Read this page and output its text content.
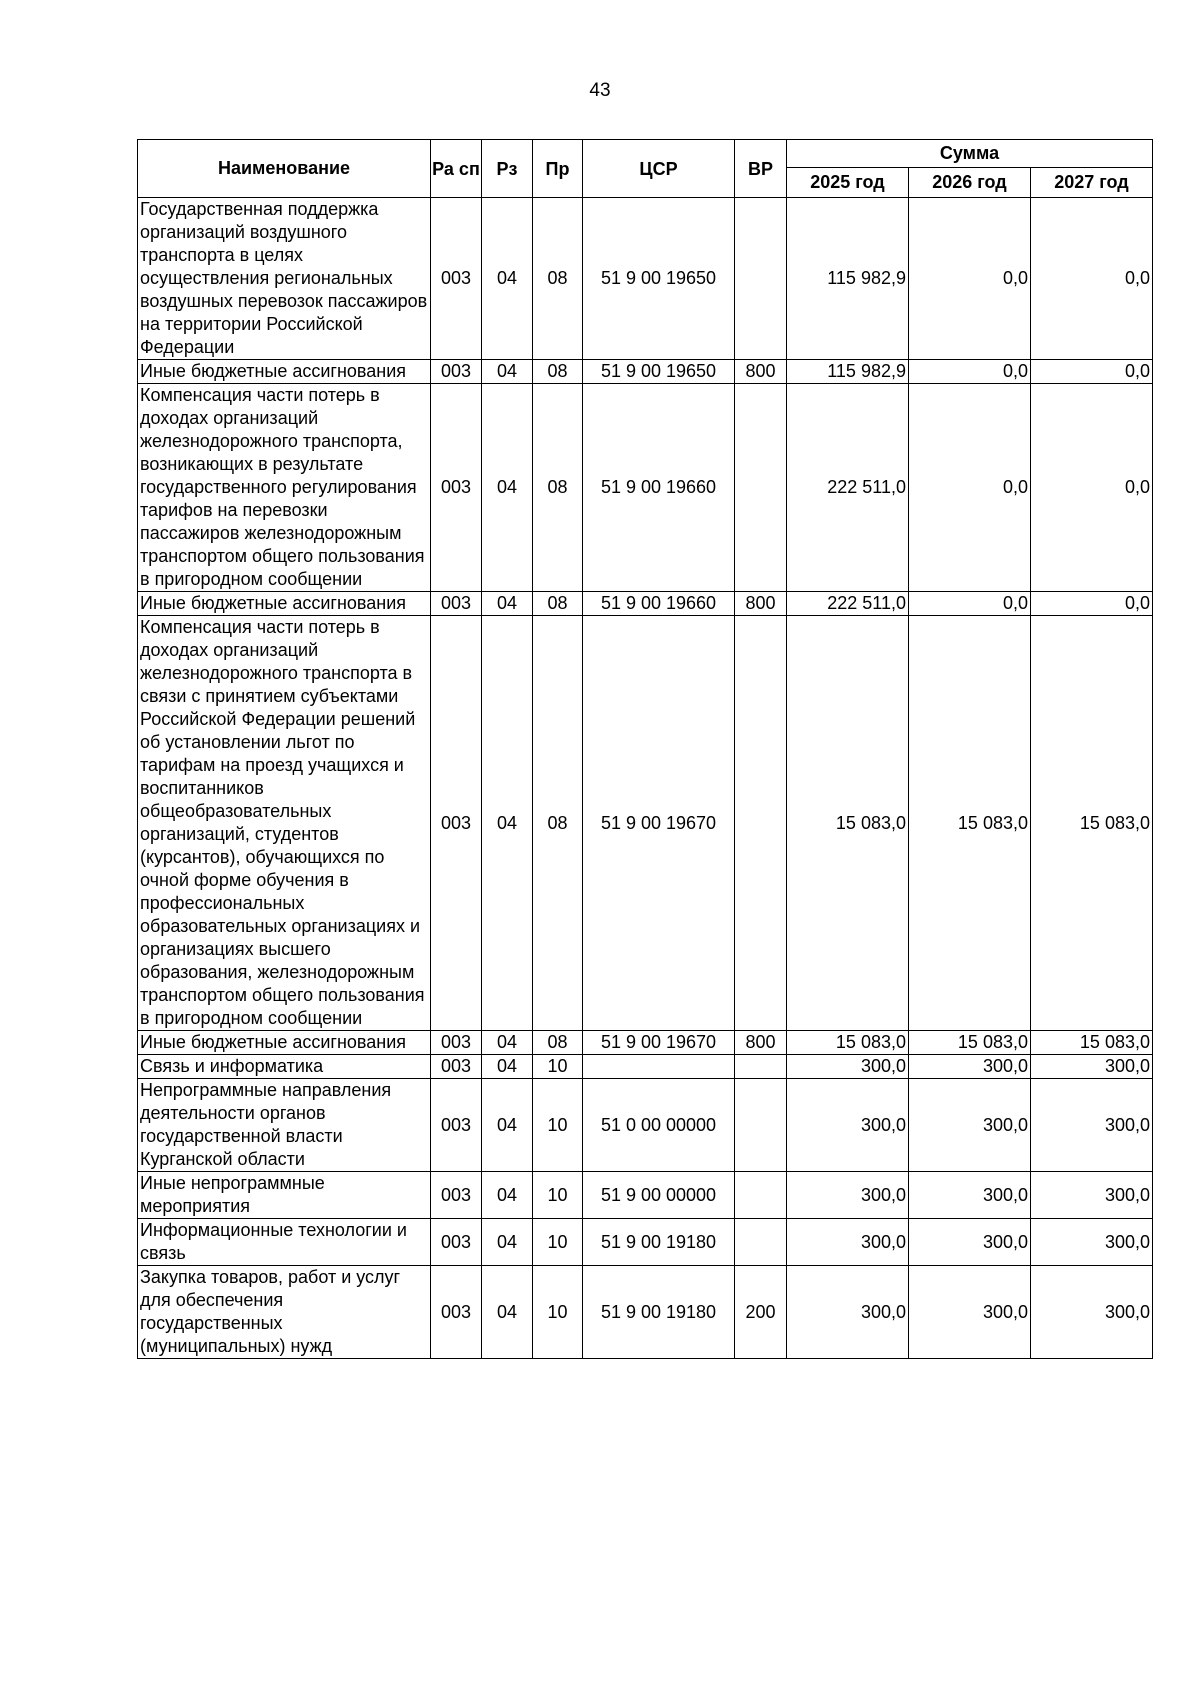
43
Наименование	Ра сп	Рз	Пр	ЦСР	ВР	Сумма		
						2025 год	2026 год	2027 год
Государственная поддержка организаций воздушного транспорта в целях осуществления региональных воздушных перевозок пассажиров на территории Российской Федерации	003	04	08	51 9 00 19650		115 982,9	0,0	0,0
Иные бюджетные ассигнования	003	04	08	51 9 00 19650	800	115 982,9	0,0	0,0
Компенсация части потерь в доходах организаций железнодорожного транспорта, возникающих в результате государственного регулирования тарифов на перевозки пассажиров железнодорожным транспортом общего пользования в пригородном сообщении	003	04	08	51 9 00 19660		222 511,0	0,0	0,0
Иные бюджетные ассигнования	003	04	08	51 9 00 19660	800	222 511,0	0,0	0,0
Компенсация части потерь в доходах организаций железнодорожного транспорта в связи с принятием субъектами Российской Федерации решений об установлении льгот по тарифам на проезд учащихся и воспитанников общеобразовательных организаций, студентов (курсантов), обучающихся по очной форме обучения в профессиональных образовательных организациях и организациях высшего образования, железнодорожным транспортом общего пользования в пригородном сообщении	003	04	08	51 9 00 19670		15 083,0	15 083,0	15 083,0
Иные бюджетные ассигнования	003	04	08	51 9 00 19670	800	15 083,0	15 083,0	15 083,0
Связь и информатика	003	04	10			300,0	300,0	300,0
Непрограммные направления деятельности органов государственной власти Курганской области	003	04	10	51 0 00 00000		300,0	300,0	300,0
Иные непрограммные мероприятия	003	04	10	51 9 00 00000		300,0	300,0	300,0
Информационные технологии и связь	003	04	10	51 9 00 19180		300,0	300,0	300,0
Закупка товаров, работ и услуг для обеспечения государственных (муниципальных) нужд	003	04	10	51 9 00 19180	200	300,0	300,0	300,0
